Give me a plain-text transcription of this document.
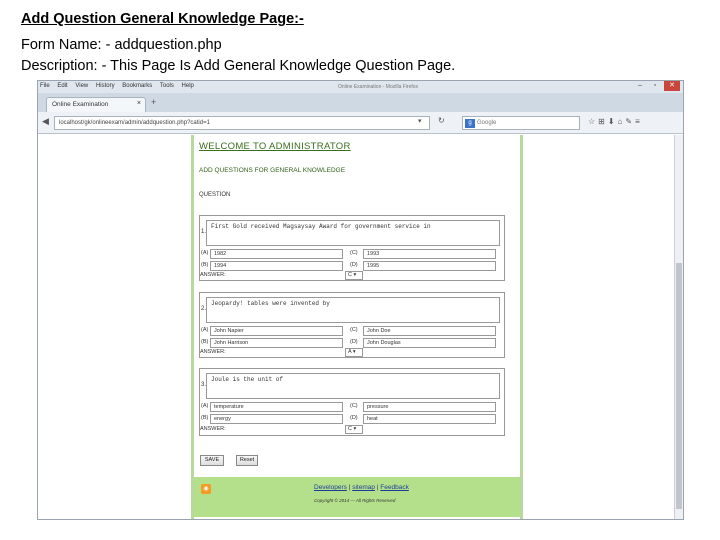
Add Question General Knowledge Page:-
Form Name: - addquestion.php
Description: - This Page Is Add General Knowledge Question Page.
File Edit View History Bookmarks Tools Help	Online Examination - Mozilla Firefox	–	▫	✕
Online Examination	× +
◀	localhost/gk/onlineexam/admin/addquestion.php?catid=1	▾ ↻	g Google	☆⊞⬇⌂✎≡
WELCOME TO ADMINISTRATOR
ADD QUESTIONS FOR GENERAL KNOWLEDGE
QUESTION
1.
First Gold received Magsaysay Award for government service in
(A)	1982	(C)	1993
(B)	1994	(D)	1995
ANSWER:	C ▾
2.
Jeopardy! tables were invented by
(A)	John Napier	(C)	John Doe
(B)	John Harrison	(D)	John Douglas
ANSWER:	A ▾
3.
Joule is the unit of
(A)	temperature	(C)	pressure
(B)	energy	(D)	heat
ANSWER:	C ▾
SAVE	Reset
◉	Developers | sitemap | Feedback
Copyright © 2014 — All Rights Reserved
